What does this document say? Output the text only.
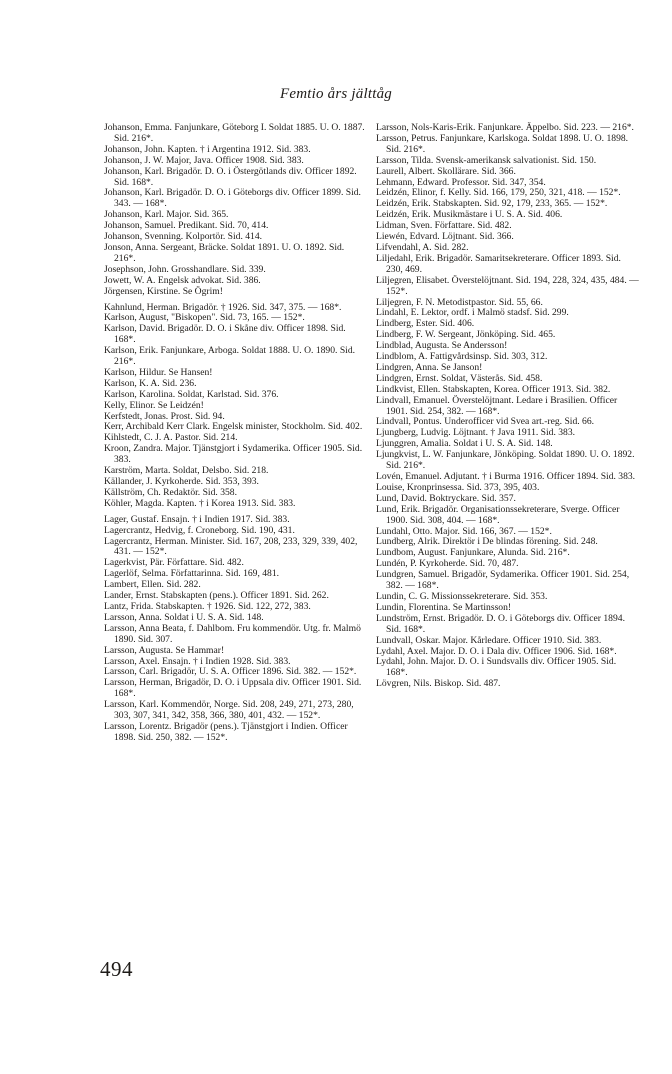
Femtio års jälttåg
Johanson, Emma. Fanjunkare, Göteborg I. Soldat 1885. U. O. 1887. Sid. 216*.
Johanson, John. Kapten. † i Argentina 1912. Sid. 383.
Johanson, J. W. Major, Java. Officer 1908. Sid. 383.
Johanson, Karl. Brigadör. D. O. i Östergötlands div. Officer 1892. Sid. 168*.
Johanson, Karl. Brigadör. D. O. i Göteborgs div. Officer 1899. Sid. 343. — 168*.
Johanson, Karl. Major. Sid. 365.
Johanson, Samuel. Predikant. Sid. 70, 414.
Johanson, Svenning. Kolportör. Sid. 414.
Jonson, Anna. Sergeant, Bräcke. Soldat 1891. U. O. 1892. Sid. 216*.
Josephson, John. Grosshandlare. Sid. 339.
Jowett, W. A. Engelsk advokat. Sid. 386.
Jörgensen, Kirstine. Se Ögrim!
Kahnlund, Herman. Brigadör. † 1926. Sid. 347, 375. — 168*.
Karlson, August, "Biskopen". Sid. 73, 165. — 152*.
Karlson, David. Brigadör. D. O. i Skåne div. Officer 1898. Sid. 168*.
Karlson, Erik. Fanjunkare, Arboga. Soldat 1888. U. O. 1890. Sid. 216*.
Karlson, Hildur. Se Hansen!
Karlson, K. A. Sid. 236.
Karlson, Karolina. Soldat, Karlstad. Sid. 376.
Kelly, Elinor. Se Leidzén!
Kerfstedt, Jonas. Prost. Sid. 94.
Kerr, Archibald Kerr Clark. Engelsk minister, Stockholm. Sid. 402.
Kihlstedt, C. J. A. Pastor. Sid. 214.
Kroon, Zandra. Major. Tjänstgjort i Sydamerika. Officer 1905. Sid. 383.
Karström, Marta. Soldat, Delsbo. Sid. 218.
Källander, J. Kyrkoherde. Sid. 353, 393.
Källström, Ch. Redaktör. Sid. 358.
Köhler, Magda. Kapten. † i Korea 1913. Sid. 383.
Lager, Gustaf. Ensajn. † i Indien 1917. Sid. 383.
Lagercrantz, Hedvig, f. Croneborg. Sid. 190, 431.
Lagercrantz, Herman. Minister. Sid. 167, 208, 233, 329, 339, 402, 431. — 152*.
Lagerkvist, Pär. Författare. Sid. 482.
Lagerlöf, Selma. Författarinna. Sid. 169, 481.
Lambert, Ellen. Sid. 282.
Lander, Ernst. Stabskapten (pens.). Officer 1891. Sid. 262.
Lantz, Frida. Stabskapten. † 1926. Sid. 122, 272, 383.
Larsson, Anna. Soldat i U. S. A. Sid. 148.
Larsson, Anna Beata, f. Dahlbom. Fru kommendör. Utg. fr. Malmö 1890. Sid. 307.
Larsson, Augusta. Se Hammar!
Larsson, Axel. Ensajn. † i Indien 1928. Sid. 383.
Larsson, Carl. Brigadör, U. S. A. Officer 1896. Sid. 382. — 152*.
Larsson, Herman, Brigadör, D. O. i Uppsala div. Officer 1901. Sid. 168*.
Larsson, Karl. Kommendör, Norge. Sid. 208, 249, 271, 273, 280, 303, 307, 341, 342, 358, 366, 380, 401, 432. — 152*.
Larsson, Lorentz. Brigadör (pens.). Tjänstgjort i Indien. Officer 1898. Sid. 250, 382. — 152*.
Larsson, Nols-Karis-Erik. Fanjunkare. Äppelbo. Sid. 223. — 216*.
Larsson, Petrus. Fanjunkare, Karlskoga. Soldat 1898. U. O. 1898. Sid. 216*.
Larsson, Tilda. Svensk-amerikansk salvationist. Sid. 150.
Laurell, Albert. Skollärare. Sid. 366.
Lehmann, Edward. Professor. Sid. 347, 354.
Leidzén, Elinor, f. Kelly. Sid. 166, 179, 250, 321, 418. — 152*.
Leidzén, Erik. Stabskapten. Sid. 92, 179, 233, 365. — 152*.
Leidzén, Erik. Musikmästare i U. S. A. Sid. 406.
Lidman, Sven. Författare. Sid. 482.
Liewén, Edvard. Löjtnant. Sid. 366.
Lifvendahl, A. Sid. 282.
Liljedahl, Erik. Brigadör. Samaritsekreterare. Officer 1893. Sid. 230, 469.
Liljegren, Elisabet. Överstelöjtnant. Sid. 194, 228, 324, 435, 484. — 152*.
Liljegren, F. N. Metodistpastor. Sid. 55, 66.
Lindahl, E. Lektor, ordf. i Malmö stadsf. Sid. 299.
Lindberg, Ester. Sid. 406.
Lindberg, F. W. Sergeant, Jönköping. Sid. 465.
Lindblad, Augusta. Se Andersson!
Lindblom, A. Fattigvårdsinsp. Sid. 303, 312.
Lindgren, Anna. Se Janson!
Lindgren, Ernst. Soldat, Västerås. Sid. 458.
Lindkvist, Ellen. Stabskapten, Korea. Officer 1913. Sid. 382.
Lindvall, Emanuel. Överstelöjtnant. Ledare i Brasilien. Officer 1901. Sid. 254, 382. — 168*.
Lindvall, Pontus. Underofficer vid Svea art.-reg. Sid. 66.
Ljungberg, Ludvig. Löjtnant. † Java 1911. Sid. 383.
Ljunggren, Amalia. Soldat i U. S. A. Sid. 148.
Ljungkvist, L. W. Fanjunkare, Jönköping. Soldat 1890. U. O. 1892. Sid. 216*.
Lovén, Emanuel. Adjutant. † i Burma 1916. Officer 1894. Sid. 383.
Louise, Kronprinsessa. Sid. 373, 395, 403.
Lund, David. Boktryckare. Sid. 357.
Lund, Erik. Brigadör. Organisationssekreterare, Sverge. Officer 1900. Sid. 308, 404. — 168*.
Lundahl, Otto. Major. Sid. 166, 367. — 152*.
Lundberg, Alrik. Direktör i De blindas förening. Sid. 248.
Lundbom, August. Fanjunkare, Alunda. Sid. 216*.
Lundén, P. Kyrkoherde. Sid. 70, 487.
Lundgren, Samuel. Brigadör, Sydamerika. Officer 1901. Sid. 254, 382. — 168*.
Lundin, C. G. Missionssekreterare. Sid. 353.
Lundin, Florentina. Se Martinsson!
Lundström, Ernst. Brigadör. D. O. i Göteborgs div. Officer 1894. Sid. 168*.
Lundvall, Oskar. Major. Kårledare. Officer 1910. Sid. 383.
Lydahl, Axel. Major. D. O. i Dala div. Officer 1906. Sid. 168*.
Lydahl, John. Major. D. O. i Sundsvalls div. Officer 1905. Sid. 168*.
Lövgren, Nils. Biskop. Sid. 487.
494
